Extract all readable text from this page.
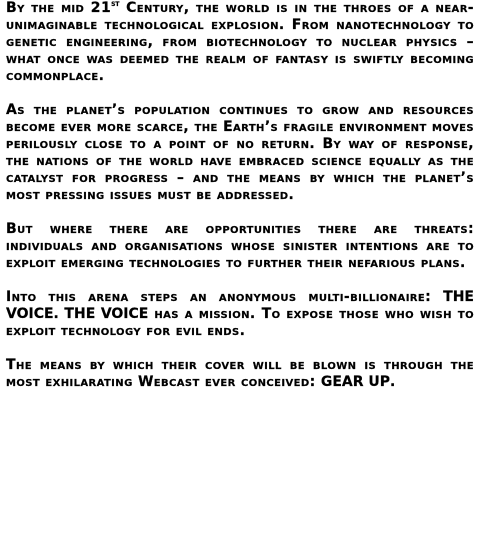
By the mid 21st Century, the world is in the throes of a near-unimaginable technological explosion. From nanotechnology to genetic engineering, from biotechnology to nuclear physics – what once was deemed the realm of fantasy is swiftly becoming commonplace.

As the planet’s population continues to grow and resources become ever more scarce, the Earth’s fragile environment moves perilously close to a point of no return. By way of response, the nations of the world have embraced science equally as the catalyst for progress – and the means by which the planet’s most pressing issues must be addressed.

But where there are opportunities there are threats: individuals and organisations whose sinister intentions are to exploit emerging technologies to further their nefarious plans.

Into this arena steps an anonymous multi-billionaire: THE VOICE. THE VOICE has a mission. To expose those who wish to exploit technology for evil ends.

The means by which their cover will be blown is through the most exhilarating Webcast ever conceived: GEAR UP.
